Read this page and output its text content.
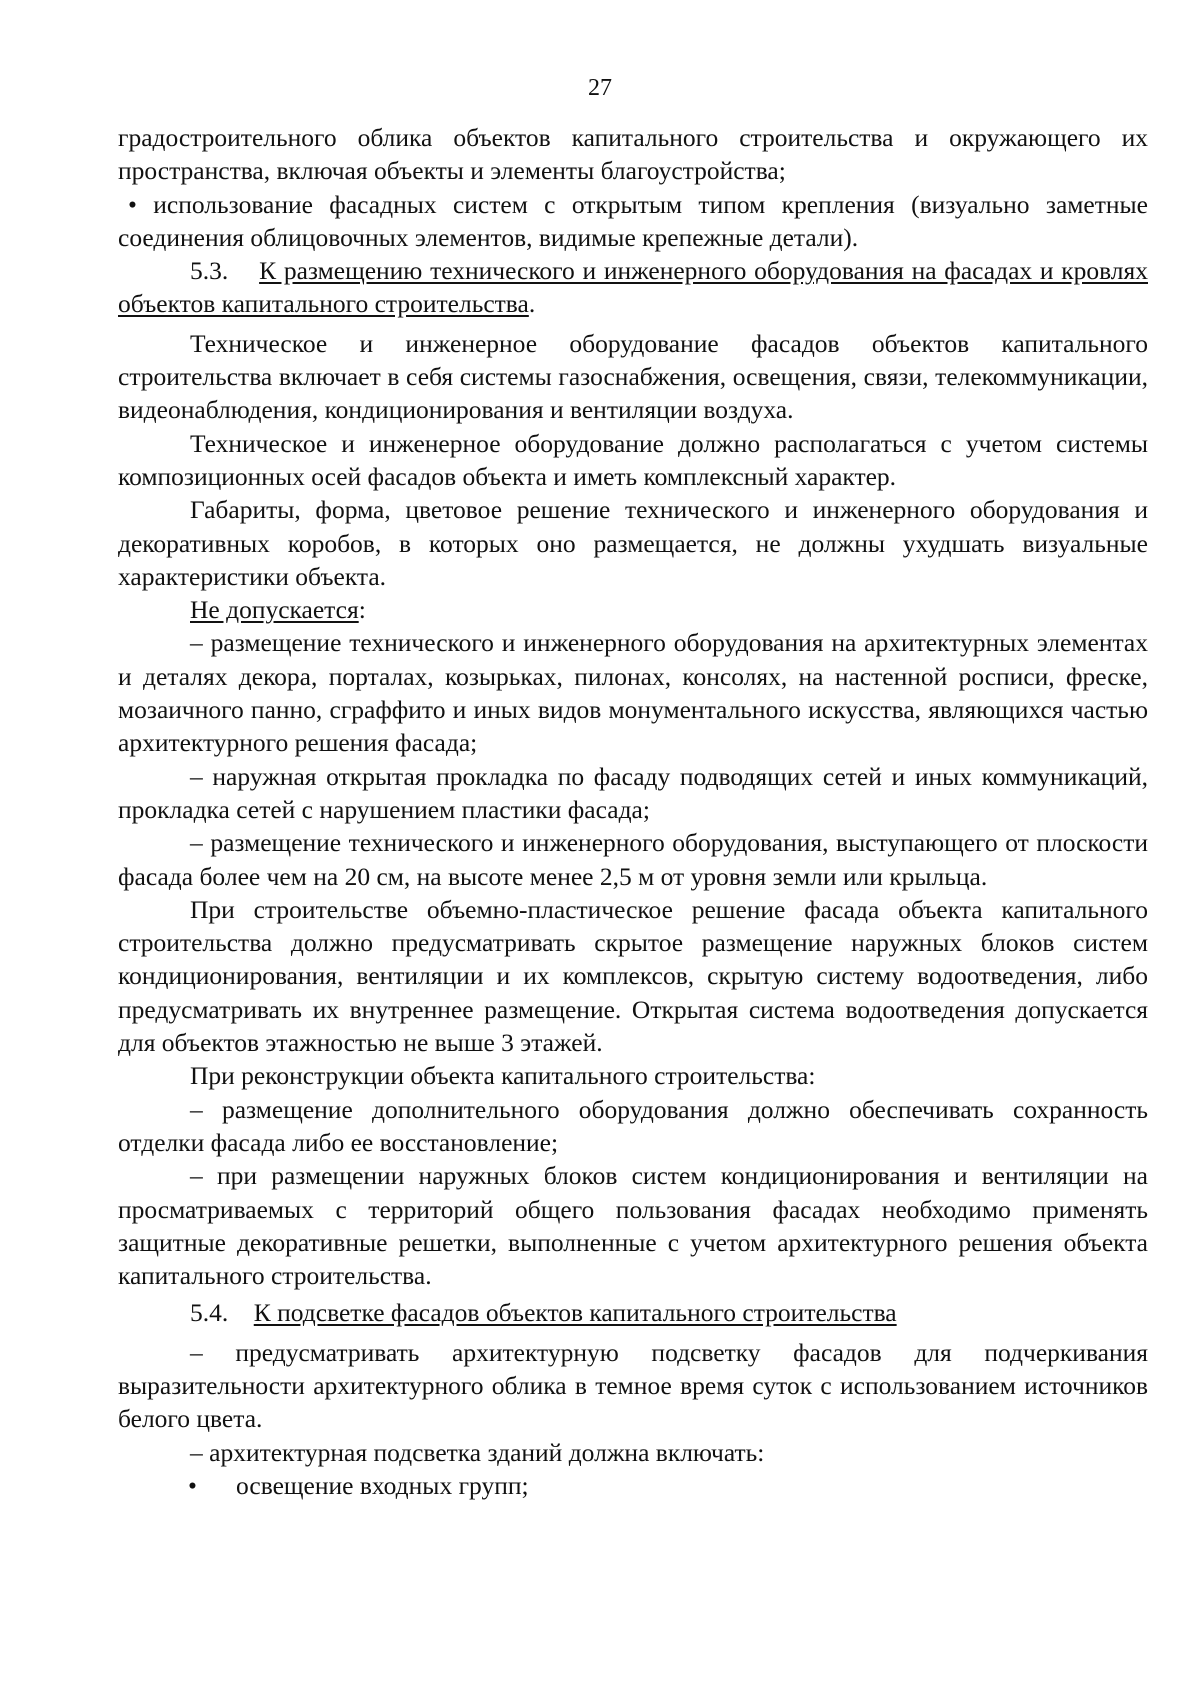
27

градостроительного облика объектов капитального строительства и окружающего их пространства, включая объекты и элементы благоустройства;

• использование фасадных систем с открытым типом крепления (визуально заметные соединения облицовочных элементов, видимые крепежные детали).

5.3. К размещению технического и инженерного оборудования на фасадах и кровлях объектов капитального строительства.

Техническое и инженерное оборудование фасадов объектов капитального строительства включает в себя системы газоснабжения, освещения, связи, телекоммуникации, видеонаблюдения, кондиционирования и вентиляции воздуха.

Техническое и инженерное оборудование должно располагаться с учетом системы композиционных осей фасадов объекта и иметь комплексный характер.

Габариты, форма, цветовое решение технического и инженерного оборудования и декоративных коробов, в которых оно размещается, не должны ухудшать визуальные характеристики объекта.

Не допускается:

– размещение технического и инженерного оборудования на архитектурных элементах и деталях декора, порталах, козырьках, пилонах, консолях, на настенной росписи, фреске, мозаичного панно, сграффито и иных видов монументального искусства, являющихся частью архитектурного решения фасада;

– наружная открытая прокладка по фасаду подводящих сетей и иных коммуникаций, прокладка сетей с нарушением пластики фасада;

– размещение технического и инженерного оборудования, выступающего от плоскости фасада более чем на 20 см, на высоте менее 2,5 м от уровня земли или крыльца.

При строительстве объемно-пластическое решение фасада объекта капитального строительства должно предусматривать скрытое размещение наружных блоков систем кондиционирования, вентиляции и их комплексов, скрытую систему водоотведения, либо предусматривать их внутреннее размещение. Открытая система водоотведения допускается для объектов этажностью не выше 3 этажей.

При реконструкции объекта капитального строительства:

– размещение дополнительного оборудования должно обеспечивать сохранность отделки фасада либо ее восстановление;

– при размещении наружных блоков систем кондиционирования и вентиляции на просматриваемых с территорий общего пользования фасадах необходимо применять защитные декоративные решетки, выполненные с учетом архитектурного решения объекта капитального строительства.

5.4. К подсветке фасадов объектов капитального строительства

– предусматривать архитектурную подсветку фасадов для подчеркивания выразительности архитектурного облика в темное время суток с использованием источников белого цвета.

– архитектурная подсветка зданий должна включать:

•	освещение входных групп;
